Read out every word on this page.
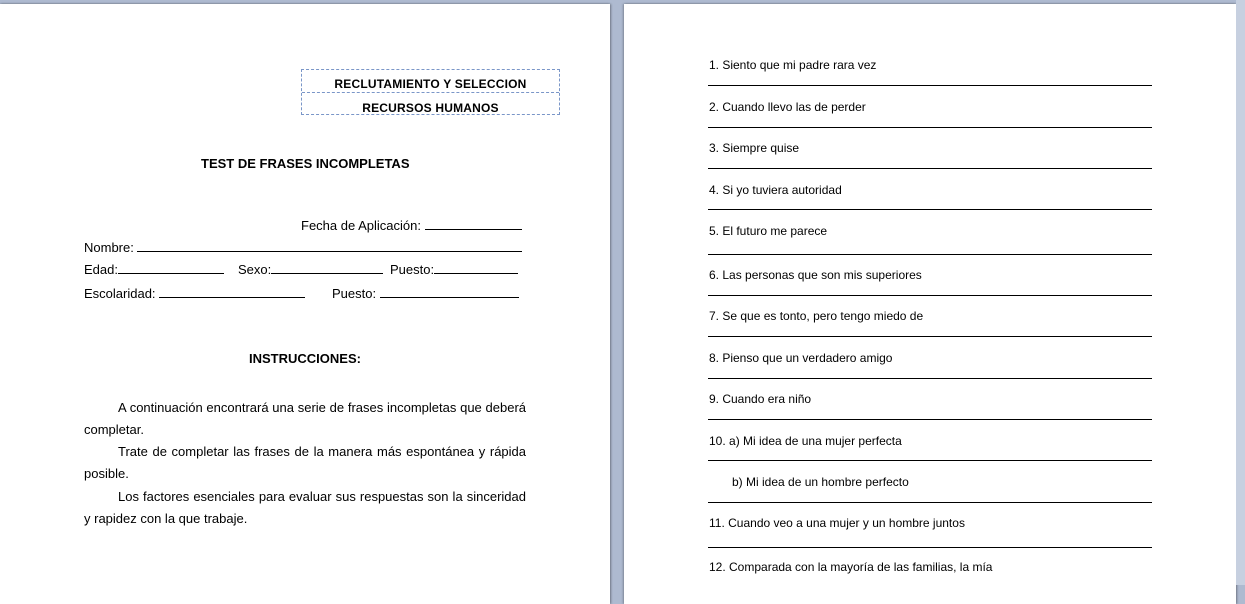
RECLUTAMIENTO Y SELECCION
RECURSOS HUMANOS
TEST DE FRASES INCOMPLETAS
Fecha de Aplicación:
Nombre:
Edad:	Sexo:	Puesto:
Escolaridad:	Puesto:
INSTRUCCIONES:
A continuación encontrará una serie de frases incompletas que deberá completar.
Trate de completar las frases de la manera más espontánea y rápida posible.
Los factores esenciales para evaluar sus respuestas son la sinceridad y rapidez con la que trabaje.
1. Siento que mi padre rara vez
2. Cuando llevo las de perder
3. Siempre quise
4. Si yo tuviera autoridad
5. El futuro me parece
6. Las personas que son mis superiores
7. Se que es tonto, pero tengo miedo de
8. Pienso que un verdadero amigo
9. Cuando era niño
10. a) Mi idea de una mujer perfecta
b) Mi idea de un hombre perfecto
11. Cuando veo a una mujer y un hombre juntos
12. Comparada con la mayoría de las familias, la mía
